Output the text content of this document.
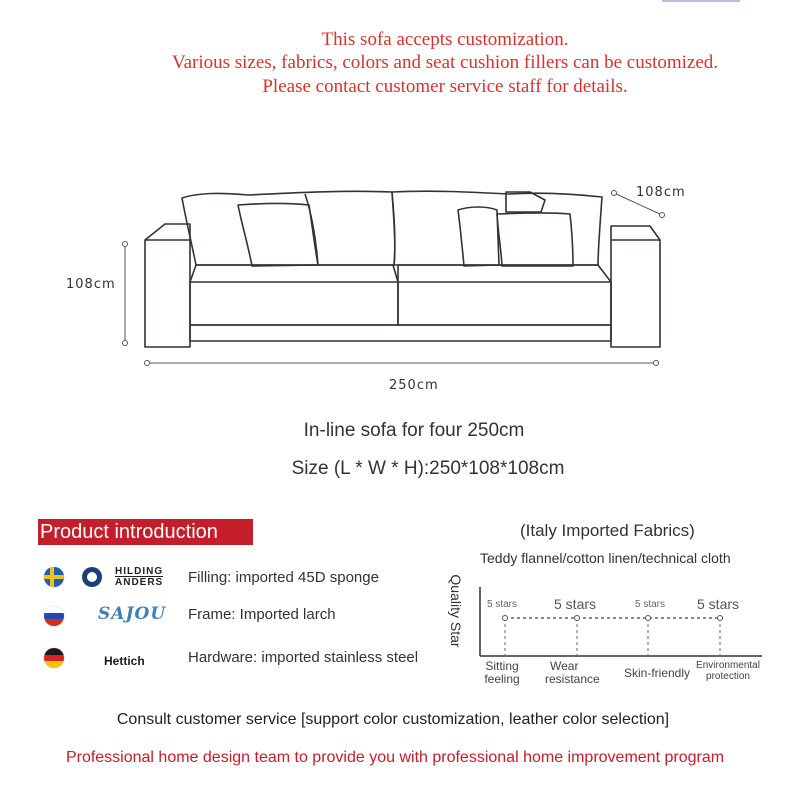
This sofa accepts customization.
Various sizes, fabrics, colors and seat cushion fillers can be customized.
Please contact customer service staff for details.
108cm
108cm
250cm
In-line sofa for four 250cm
Size (L * W * H):250*108*108cm
Product introduction
HILDING
ANDERS Filling: imported 45D sponge
SAJOU Frame: Imported larch
Hettich	Hardware: imported stainless steel
(Italy Imported Fabrics)
Teddy flannel/cotton linen/technical cloth
Quality Star 5 stars	5 stars	5 stars 5 stars
Sitting
feeling
Wear
resistance	Skin-friendly
Environmental
protection
Consult customer service [support color customization, leather color selection]
Professional home design team to provide you with professional home improvement program
